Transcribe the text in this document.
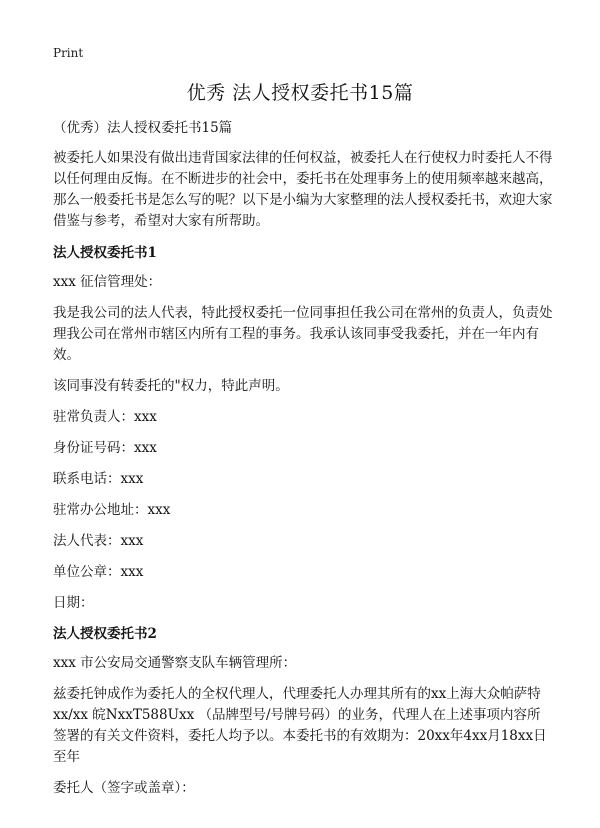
Print
优秀 法人授权委托书15篇

（优秀）法人授权委托书15篇

被委托人如果没有做出违背国家法律的任何权益，被委托人在行使权力时委托人不得以任何理由反悔。在不断进步的社会中，委托书在处理事务上的使用频率越来越高，那么一般委托书是怎么写的呢？以下是小编为大家整理的法人授权委托书，欢迎大家借鉴与参考，希望对大家有所帮助。

法人授权委托书1

xxx 征信管理处：

我是我公司的法人代表，特此授权委托一位同事担任我公司在常州的负责人，负责处理我公司在常州市辖区内所有工程的事务。我承认该同事受我委托，并在一年内有效。

该同事没有转委托的"权力，特此声明。

驻常负责人：xxx

身份证号码：xxx

联系电话：xxx

驻常办公地址：xxx

法人代表：xxx

单位公章：xxx

日期：

法人授权委托书2

xxx 市公安局交通警察支队车辆管理所：

兹委托钟成作为委托人的全权代理人，代理委托人办理其所有的xx上海大众帕萨特xx/xx 皖NxxT588Uxx （品牌型号/号牌号码）的业务，代理人在上述事项内容所签署的有关文件资料，委托人均予以。本委托书的有效期为：20xx年4xx月18xx日至年

委托人（签字或盖章）：
